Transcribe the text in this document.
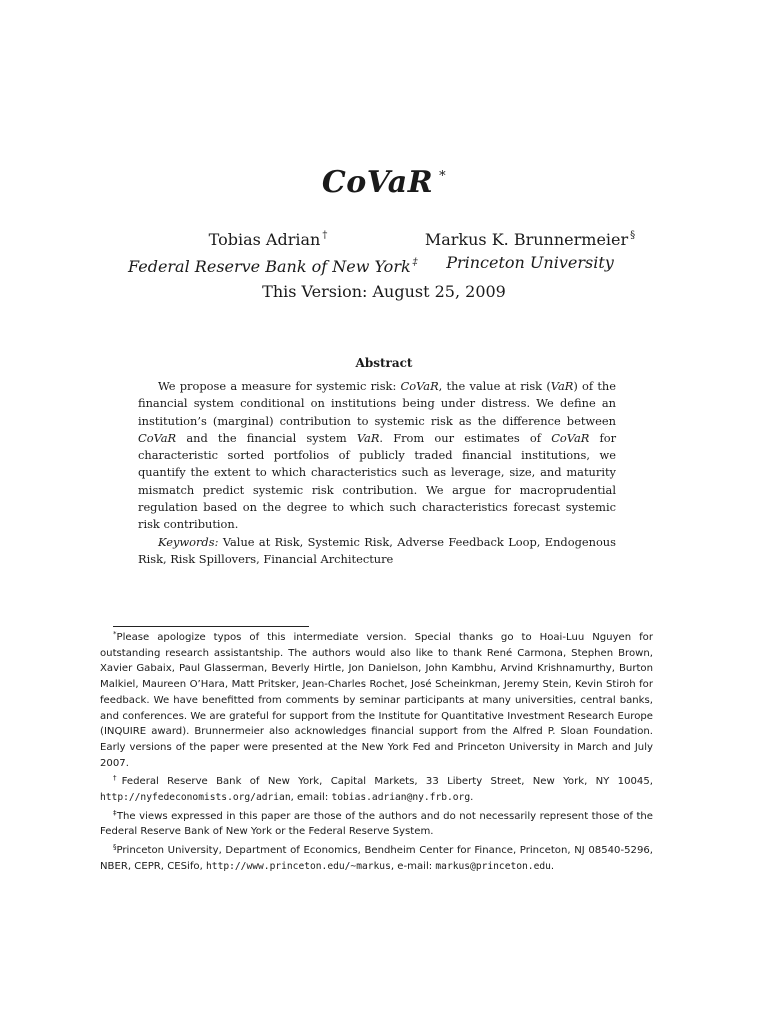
CoVaR *
Tobias Adrian †
Federal Reserve Bank of New York ‡
Markus K. Brunnermeier §
Princeton University
This Version: August 25, 2009
Abstract

We propose a measure for systemic risk: CoVaR, the value at risk (VaR) of the financial system conditional on institutions being under distress. We define an institution’s (marginal) contribution to systemic risk as the difference between CoVaR and the financial system VaR. From our estimates of CoVaR for characteristic sorted portfolios of publicly traded financial institutions, we quantify the extent to which characteristics such as leverage, size, and maturity mismatch predict systemic risk contribution. We argue for macroprudential regulation based on the degree to which such characteristics forecast systemic risk contribution.

Keywords: Value at Risk, Systemic Risk, Adverse Feedback Loop, Endogenous Risk, Risk Spillovers, Financial Architecture

*Please apologize typos of this intermediate version. Special thanks go to Hoai-Luu Nguyen for outstanding research assistantship. The authors would also like to thank René Carmona, Stephen Brown, Xavier Gabaix, Paul Glasserman, Beverly Hirtle, Jon Danielson, John Kambhu, Arvind Krishnamurthy, Burton Malkiel, Maureen O’Hara, Matt Pritsker, Jean-Charles Rochet, José Scheinkman, Jeremy Stein, Kevin Stiroh for feedback. We have benefitted from comments by seminar participants at many universities, central banks, and conferences. We are grateful for support from the Institute for Quantitative Investment Research Europe (INQUIRE award). Brunnermeier also acknowledges financial support from the Alfred P. Sloan Foundation. Early versions of the paper were presented at the New York Fed and Princeton University in March and July 2007.

†Federal Reserve Bank of New York, Capital Markets, 33 Liberty Street, New York, NY 10045, http://nyfedeconomists.org/adrian, email: tobias.adrian@ny.frb.org.

‡The views expressed in this paper are those of the authors and do not necessarily represent those of the Federal Reserve Bank of New York or the Federal Reserve System.

§Princeton University, Department of Economics, Bendheim Center for Finance, Princeton, NJ 08540-5296, NBER, CEPR, CESifo, http://www.princeton.edu/~markus, e-mail: markus@princeton.edu.
